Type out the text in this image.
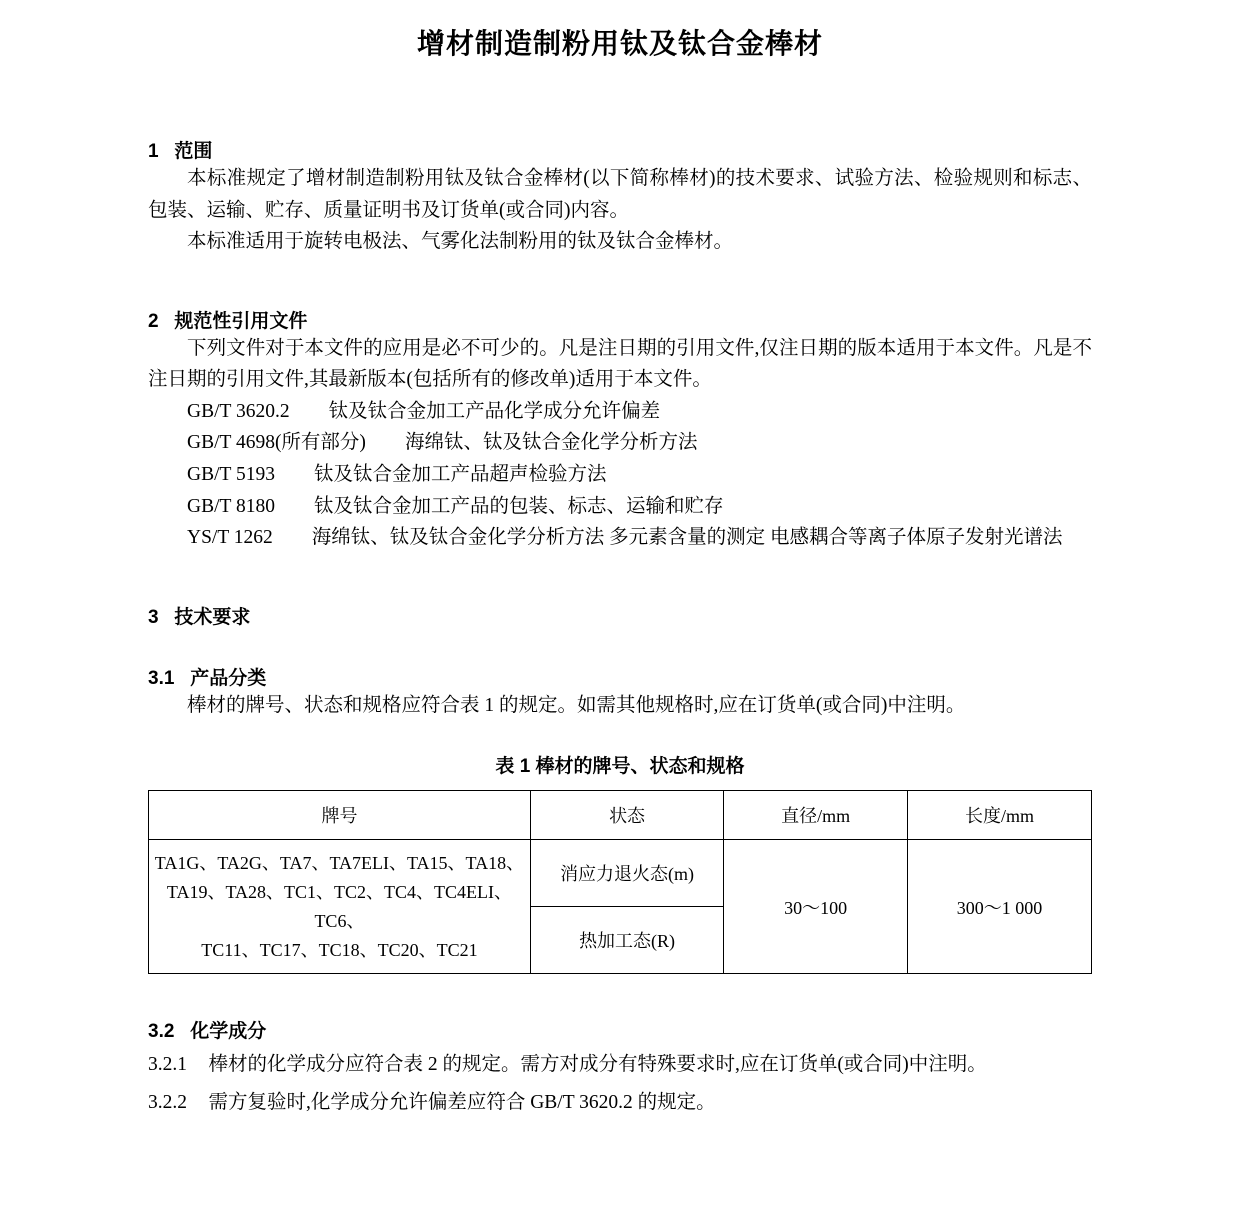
增材制造制粉用钛及钛合金棒材
1   范围

本标准规定了增材制造制粉用钛及钛合金棒材(以下简称棒材)的技术要求、试验方法、检验规则和标志、包装、运输、贮存、质量证明书及订货单(或合同)内容。

本标准适用于旋转电极法、气雾化法制粉用的钛及钛合金棒材。

2   规范性引用文件

下列文件对于本文件的应用是必不可少的。凡是注日期的引用文件,仅注日期的版本适用于本文件。凡是不注日期的引用文件,其最新版本(包括所有的修改单)适用于本文件。

GB/T 3620.2 钛及钛合金加工产品化学成分允许偏差

GB/T 4698(所有部分) 海绵钛、钛及钛合金化学分析方法

GB/T 5193 钛及钛合金加工产品超声检验方法

GB/T 8180 钛及钛合金加工产品的包装、标志、运输和贮存

YS/T 1262 海绵钛、钛及钛合金化学分析方法 多元素含量的测定 电感耦合等离子体原子发射光谱法

3   技术要求
3.1   产品分类

棒材的牌号、状态和规格应符合表 1 的规定。如需其他规格时,应在订货单(或合同)中注明。

表 1 棒材的牌号、状态和规格
牌号	状态	直径/mm	长度/mm

TA1G、TA2G、TA7、TA7ELI、TA15、TA18、
TA19、TA28、TC1、TC2、TC4、TC4ELI、TC6、
TC11、TC17、TC18、TC20、TC21	消应力退火态(m)	30～100	300～1 000
	热加工态(R)		
3.2   化学成分

3.2.1 棒材的化学成分应符合表 2 的规定。需方对成分有特殊要求时,应在订货单(或合同)中注明。

3.2.2 需方复验时,化学成分允许偏差应符合 GB/T 3620.2 的规定。
